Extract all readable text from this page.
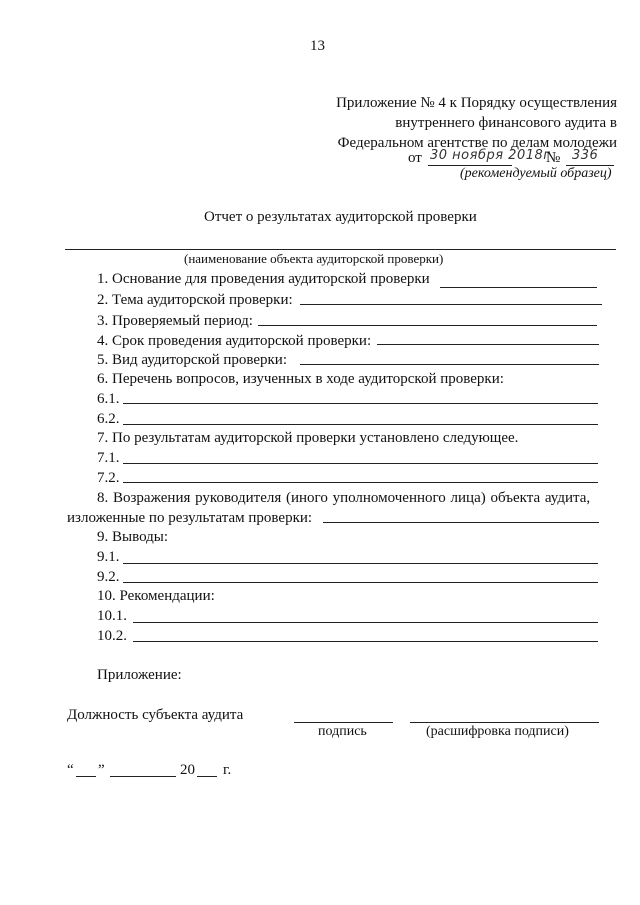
13
Приложение № 4 к Порядку осуществления
внутреннего финансового аудита в
Федеральном агентстве по делам молодежи
от 30 ноября 2018г
№ 336
(рекомендуемый образец)
Отчет о результатах аудиторской проверки
(наименование объекта аудиторской проверки)
1. Основание для проведения аудиторской проверки
2. Тема аудиторской проверки:
3. Проверяемый период:
4. Срок проведения аудиторской проверки:
5. Вид аудиторской проверки:
6. Перечень вопросов, изученных в ходе аудиторской проверки:
6.1.
6.2.
7. По результатам аудиторской проверки установлено следующее.
7.1.
7.2.
8. Возражения руководителя (иного уполномоченного лица) объекта аудита,
изложенные по результатам проверки:
9. Выводы:
9.1.
9.2.
10. Рекомендации:
10.1.
10.2.
Приложение:
Должность субъекта аудита
подпись	(расшифровка подписи)
“ ”	20 г.
